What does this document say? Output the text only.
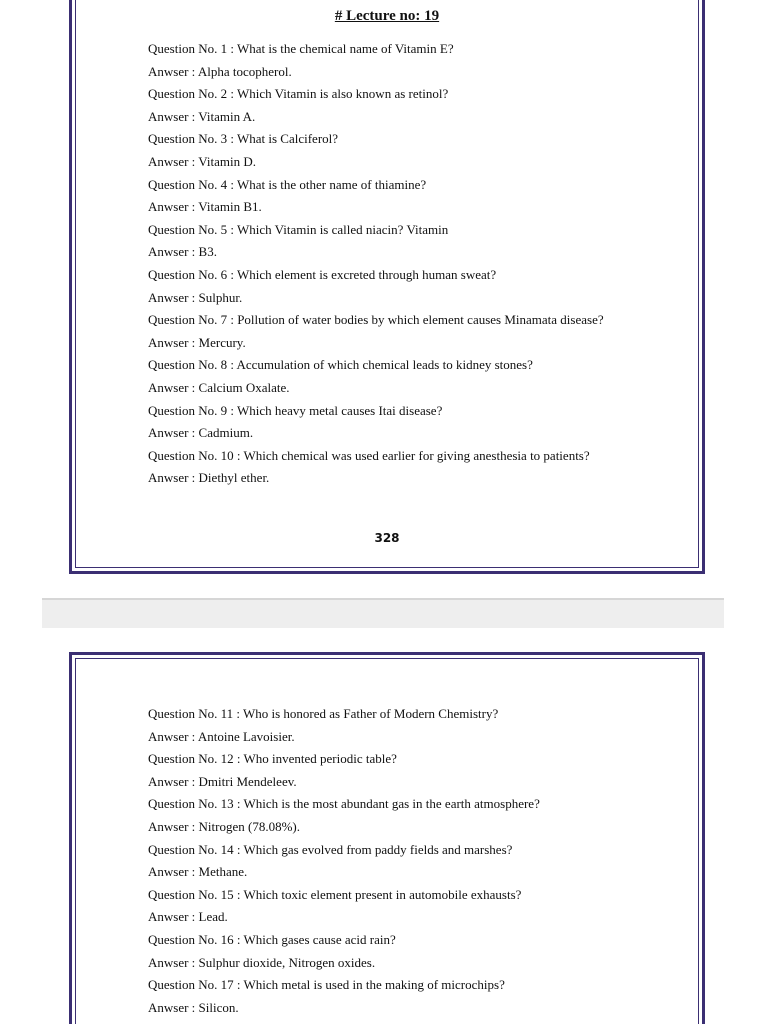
# Lecture no: 19
Question No. 1 : What is the chemical name of Vitamin E?
Anwser : Alpha tocopherol.
Question No. 2 : Which Vitamin is also known as retinol?
Anwser : Vitamin A.
Question No. 3 : What is Calciferol?
Anwser : Vitamin D.
Question No. 4 : What is the other name of thiamine?
Anwser : Vitamin B1.
Question No. 5 : Which Vitamin is called niacin? Vitamin
Anwser : B3.
Question No. 6 : Which element is excreted through human sweat?
Anwser : Sulphur.
Question No. 7 : Pollution of water bodies by which element causes Minamata disease?
Anwser : Mercury.
Question No. 8 : Accumulation of which chemical leads to kidney stones?
Anwser : Calcium Oxalate.
Question No. 9 : Which heavy metal causes Itai disease?
Anwser : Cadmium.
Question No. 10 : Which chemical was used earlier for giving anesthesia to patients?
Anwser : Diethyl ether.
328
Question No. 11 : Who is honored as Father of Modern Chemistry?
Anwser : Antoine Lavoisier.
Question No. 12 : Who invented periodic table?
Anwser : Dmitri Mendeleev.
Question No. 13 : Which is the most abundant gas in the earth atmosphere?
Anwser : Nitrogen (78.08%).
Question No. 14 : Which gas evolved from paddy fields and marshes?
Anwser : Methane.
Question No. 15 : Which toxic element present in automobile exhausts?
Anwser : Lead.
Question No. 16 : Which gases cause acid rain?
Anwser : Sulphur dioxide, Nitrogen oxides.
Question No. 17 : Which metal is used in the making of microchips?
Anwser : Silicon.
